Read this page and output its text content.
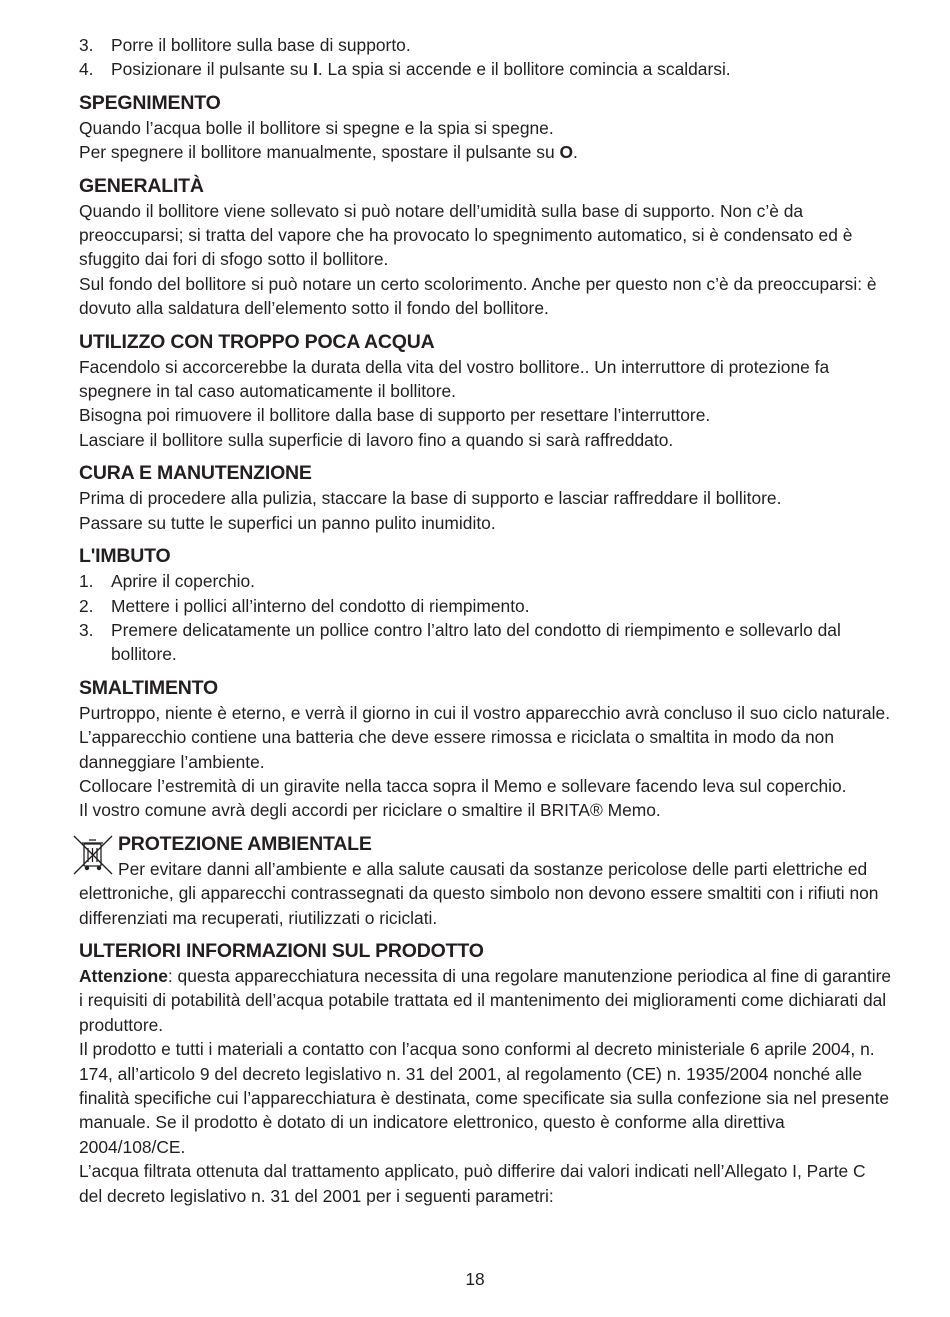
3.	Porre il bollitore sulla base di supporto.
4.	Posizionare il pulsante su I. La spia si accende e il bollitore comincia a scaldarsi.
SPEGNIMENTO

Quando l’acqua bolle il bollitore si spegne e la spia si spegne.

Per spegnere il bollitore manualmente, spostare il pulsante su O.

GENERALITÀ

Quando il bollitore viene sollevato si può notare dell’umidità sulla base di supporto. Non c’è da preoccuparsi; si tratta del vapore che ha provocato lo spegnimento automatico, si è condensato ed è sfuggito dai fori di sfogo sotto il bollitore.

Sul fondo del bollitore si può notare un certo scolorimento. Anche per questo non c’è da preoccuparsi: è dovuto alla saldatura dell’elemento sotto il fondo del bollitore.

UTILIZZO CON TROPPO POCA ACQUA

Facendolo si accorcerebbe la durata della vita del vostro bollitore.. Un interruttore di protezione fa spegnere in tal caso automaticamente il bollitore.

Bisogna poi rimuovere il bollitore dalla base di supporto per resettare l’interruttore.

Lasciare il bollitore sulla superficie di lavoro fino a quando si sarà raffreddato.

CURA E MANUTENZIONE

Prima di procedere alla pulizia, staccare la base di supporto e lasciar raffreddare il bollitore.

Passare su tutte le superfici un panno pulito inumidito.

L'IMBUTO
1.	Aprire il coperchio.
2.	Mettere i pollici all’interno del condotto di riempimento.
3.	Premere delicatamente un pollice contro l’altro lato del condotto di riempimento e sollevarlo dal bollitore.
SMALTIMENTO

Purtroppo, niente è eterno, e verrà il giorno in cui il vostro apparecchio avrà concluso il suo ciclo naturale.

L’apparecchio contiene una batteria che deve essere rimossa e riciclata o smaltita in modo da non danneggiare l’ambiente.

Collocare l’estremità di un giravite nella tacca sopra il Memo e sollevare facendo leva sul coperchio.

Il vostro comune avrà degli accordi per riciclare o smaltire il BRITA® Memo.

PROTEZIONE AMBIENTALE

Per evitare danni all’ambiente e alla salute causati da sostanze pericolose delle parti elettriche ed elettroniche, gli apparecchi contrassegnati da questo simbolo non devono essere smaltiti con i rifiuti non differenziati ma recuperati, riutilizzati o riciclati.

ULTERIORI INFORMAZIONI SUL PRODOTTO

Attenzione: questa apparecchiatura necessita di una regolare manutenzione periodica al fine di garantire i requisiti di potabilità dell’acqua potabile trattata ed il mantenimento dei miglioramenti come dichiarati dal produttore.

Il prodotto e tutti i materiali a contatto con l’acqua sono conformi al decreto ministeriale 6 aprile 2004, n. 174, all’articolo 9 del decreto legislativo n. 31 del 2001, al regolamento (CE) n. 1935/2004 nonché alle finalità specifiche cui l’apparecchiatura è destinata, come specificate sia sulla confezione sia nel presente manuale. Se il prodotto è dotato di un indicatore elettronico, questo è conforme alla direttiva 2004/108/CE.

L’acqua filtrata ottenuta dal trattamento applicato, può differire dai valori indicati nell’Allegato I, Parte C del decreto legislativo n. 31 del 2001 per i seguenti parametri:

18
